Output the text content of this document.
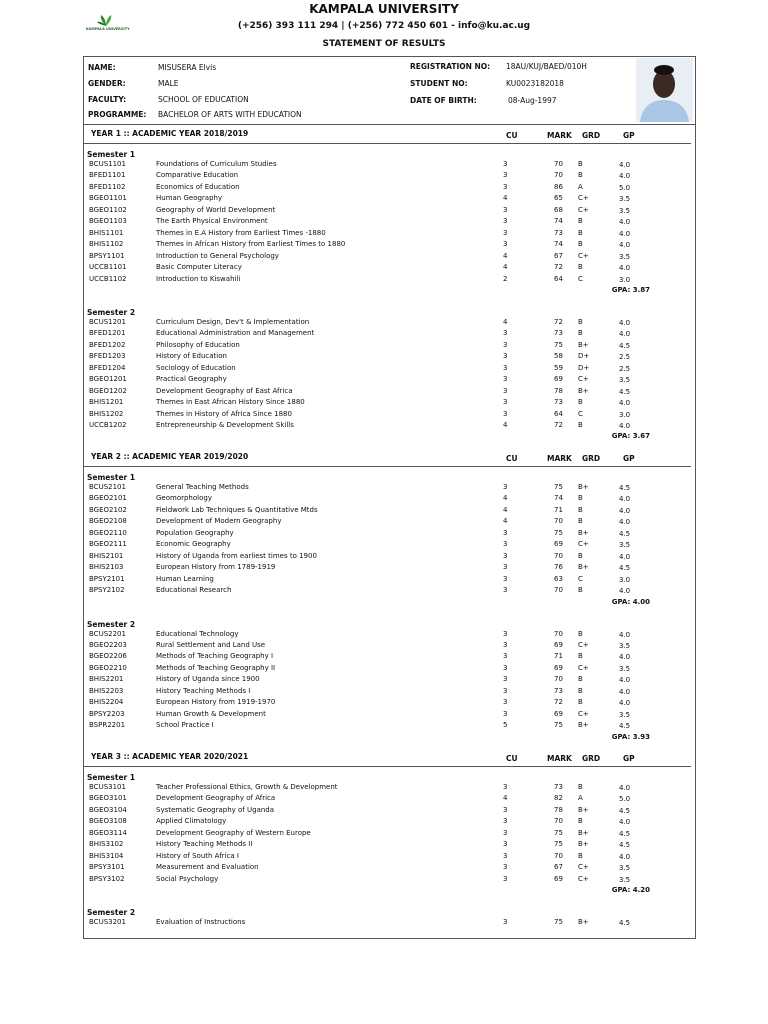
KAMPALA UNIVERSITY
KAMPALA UNIVERSITY
(+256) 393 111 294 | (+256) 772 450 601 - info@ku.ac.ug
STATEMENT OF RESULTS
NAME:	MISUSERA Elvis
GENDER:	MALE
FACULTY:	SCHOOL OF EDUCATION
PROGRAMME: BACHELOR OF ARTS WITH EDUCATION
REGISTRATION NO: 18AU/KUJ/BAED/010H
STUDENT NO:	KU0023182018
DATE OF BIRTH:	08-Aug-1997
YEAR 1 :: ACADEMIC YEAR 2018/2019	CU	MARK GRD	GP
Semester 1
BCUS1101	Foundations of Curriculum Studies	3	70 B	4.0
BFED1101	Comparative Education	3	70 B	4.0
BFED1102	Economics of Education	3	86 A	5.0
BGEO1101	Human Geography	4	65 C+	3.5
BGEO1102	Geography of World Development	3	68 C+	3.5
BGEO1103	The Earth Physical Environment	3	74 B	4.0
BHIS1101	Themes in E.A History from Earliest Times -1880	3	73 B	4.0
BHIS1102	Themes in African History from Earliest Times to 1880	3	74 B	4.0
BPSY1101	Introduction to General Psychology	4	67 C+	3.5
UCCB1101	Basic Computer Literacy	4	72 B	4.0
UCCB1102	Introduction to Kiswahili	2	64 C	3.0
GPA: 3.87
Semester 2
BCUS1201	Curriculum Design, Dev't & Implementation	4	72 B	4.0
BFED1201	Educational Administration and Management	3	73 B	4.0
BFED1202	Philosophy of Education	3	75 B+	4.5
BFED1203	History of Education	3	58 D+	2.5
BFED1204	Sociology of Education	3	59 D+	2.5
BGEO1201	Practical Geography	3	69 C+	3.5
BGEO1202	Development Geography of East Africa	3	78 B+	4.5
BHIS1201	Themes in East African History Since 1880	3	73 B	4.0
BHIS1202	Themes in History of Africa Since 1880	3	64 C	3.0
UCCB1202	Entrepreneurship & Development Skills	4	72 B	4.0
GPA: 3.67
YEAR 2 :: ACADEMIC YEAR 2019/2020	CU	MARK GRD	GP
Semester 1
BCUS2101	General Teaching Methods	3	75 B+	4.5
BGEO2101	Geomorphology	4	74 B	4.0
BGEO2102	Fieldwork Lab Techniques & Quantitative Mtds	4	71 B	4.0
BGEO2108	Development of Modern Geography	4	70 B	4.0
BGEO2110	Population Geography	3	75 B+	4.5
BGEO2111	Economic Geography	3	69 C+	3.5
BHIS2101	History of Uganda from earliest times to 1900	3	70 B	4.0
BHIS2103	European History from 1789-1919	3	76 B+	4.5
BPSY2101	Human Learning	3	63 C	3.0
BPSY2102	Educational Research	3	70 B	4.0
GPA: 4.00
Semester 2
BCUS2201	Educational Technology	3	70 B	4.0
BGEO2203	Rural Settlement and Land Use	3	69 C+	3.5
BGEO2206	Methods of Teaching Geography I	3	71 B	4.0
BGEO2210	Methods of Teaching Geography II	3	69 C+	3.5
BHIS2201	History of Uganda since 1900	3	70 B	4.0
BHIS2203	History Teaching Methods I	3	73 B	4.0
BHIS2204	European History from 1919-1970	3	72 B	4.0
BPSY2203	Human Growth & Development	3	69 C+	3.5
BSPR2201	School Practice I	5	75 B+	4.5
GPA: 3.93
YEAR 3 :: ACADEMIC YEAR 2020/2021	CU	MARK GRD	GP
Semester 1
BCUS3101	Teacher Professional Ethics, Growth & Development	3	73 B	4.0
BGEO3101	Development Geography of Africa	4	82 A	5.0
BGEO3104	Systematic Geography of Uganda	3	78 B+	4.5
BGEO3108	Applied Climatology	3	70 B	4.0
BGEO3114	Development Geography of Western Europe	3	75 B+	4.5
BHIS3102	History Teaching Methods II	3	75 B+	4.5
BHIS3104	History of South Africa I	3	70 B	4.0
BPSY3101	Measurement and Evaluation	3	67 C+	3.5
BPSY3102	Social Psychology	3	69 C+	3.5
GPA: 4.20
Semester 2
BCUS3201	Evaluation of Instructions	3	75 B+	4.5
